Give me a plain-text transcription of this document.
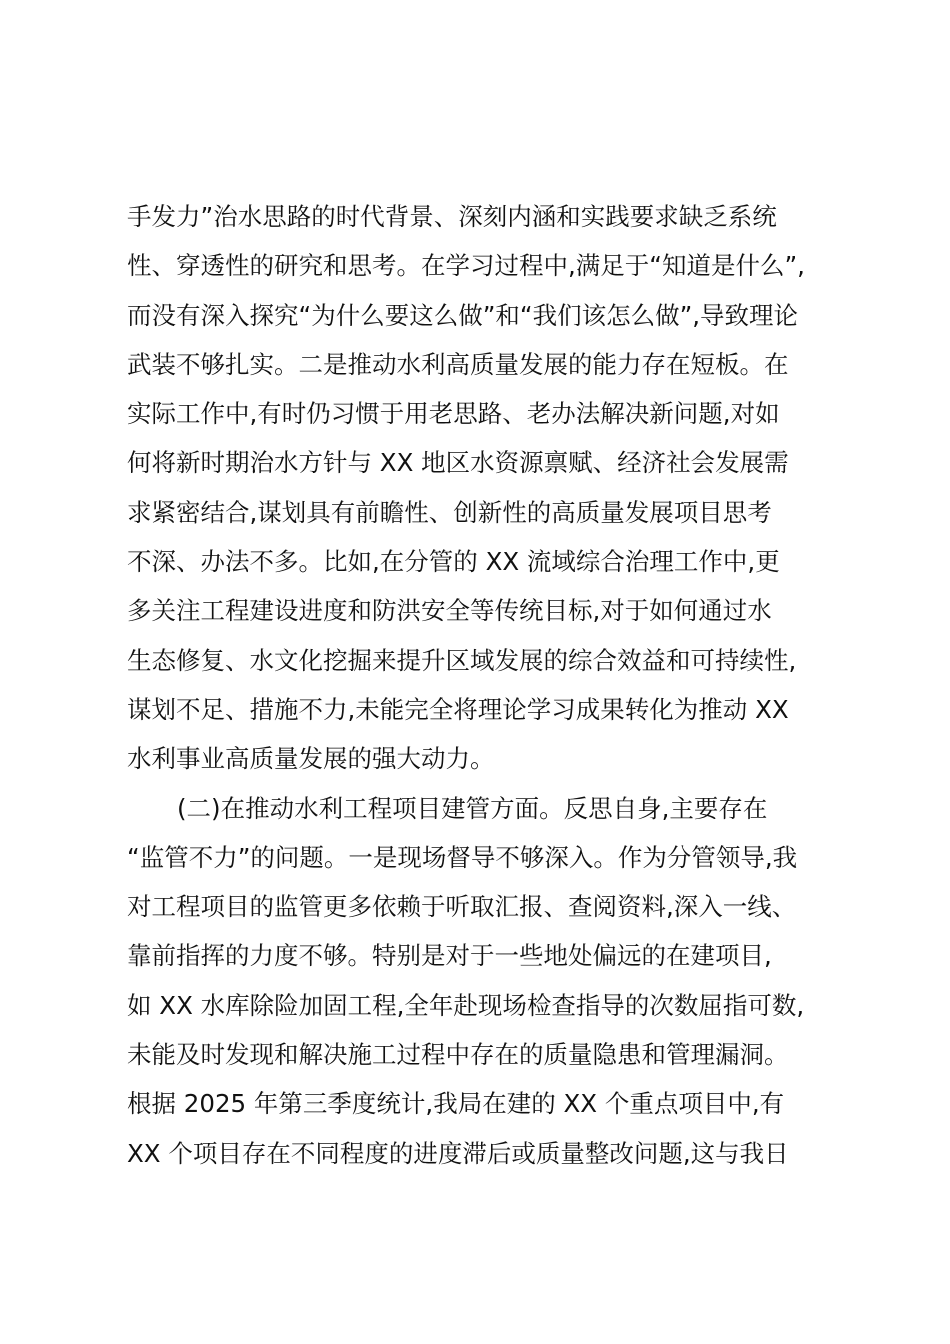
手发力”治水思路的时代背景、深刻内涵和实践要求缺乏系统
性、穿透性的研究和思考。在学习过程中,满足于“知道是什么”,
而没有深入探究“为什么要这么做”和“我们该怎么做”,导致理论
武装不够扎实。二是推动水利高质量发展的能力存在短板。在
实际工作中,有时仍习惯于用老思路、老办法解决新问题,对如
何将新时期治水方针与 XX 地区水资源禀赋、经济社会发展需
求紧密结合,谋划具有前瞻性、创新性的高质量发展项目思考
不深、办法不多。比如,在分管的 XX 流域综合治理工作中,更
多关注工程建设进度和防洪安全等传统目标,对于如何通过水
生态修复、水文化挖掘来提升区域发展的综合效益和可持续性,
谋划不足、措施不力,未能完全将理论学习成果转化为推动 XX
水利事业高质量发展的强大动力。
(二)在推动水利工程项目建管方面。反思自身,主要存在
“监管不力”的问题。一是现场督导不够深入。作为分管领导,我
对工程项目的监管更多依赖于听取汇报、查阅资料,深入一线、
靠前指挥的力度不够。特别是对于一些地处偏远的在建项目,
如 XX 水库除险加固工程,全年赴现场检查指导的次数屈指可数,
未能及时发现和解决施工过程中存在的质量隐患和管理漏洞。
根据 2025 年第三季度统计,我局在建的 XX 个重点项目中,有
XX 个项目存在不同程度的进度滞后或质量整改问题,这与我日
